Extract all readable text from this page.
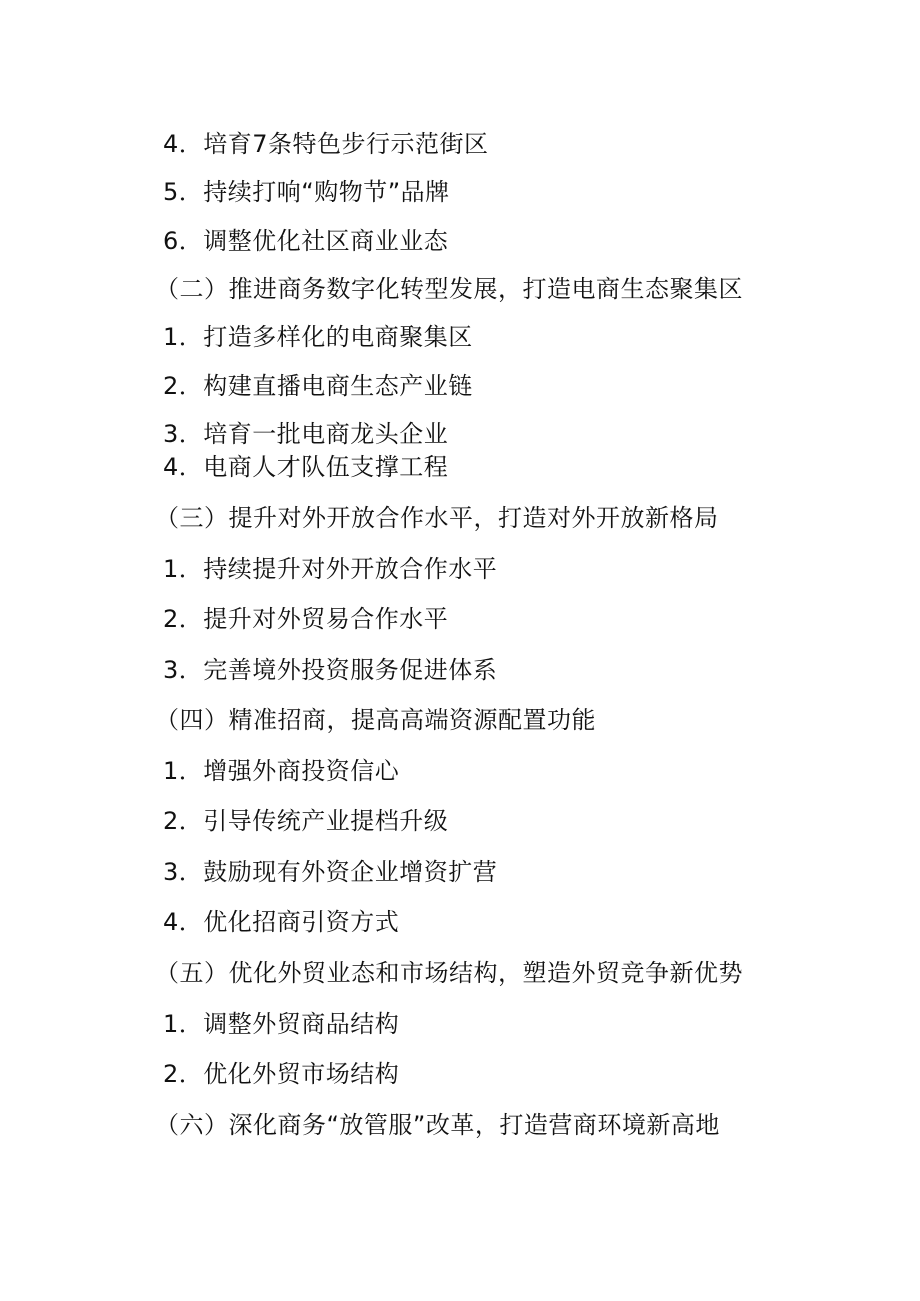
4．培育7条特色步行示范街区
5．持续打响“购物节”品牌
6．调整优化社区商业业态
（二）推进商务数字化转型发展，打造电商生态聚集区
1．打造多样化的电商聚集区
2．构建直播电商生态产业链
3．培育一批电商龙头企业
4．电商人才队伍支撑工程
（三）提升对外开放合作水平，打造对外开放新格局
1．持续提升对外开放合作水平
2．提升对外贸易合作水平
3．完善境外投资服务促进体系
（四）精准招商，提高高端资源配置功能
1．增强外商投资信心
2．引导传统产业提档升级
3．鼓励现有外资企业增资扩营
4．优化招商引资方式
（五）优化外贸业态和市场结构，塑造外贸竞争新优势
1．调整外贸商品结构
2．优化外贸市场结构
（六）深化商务“放管服”改革，打造营商环境新高地
